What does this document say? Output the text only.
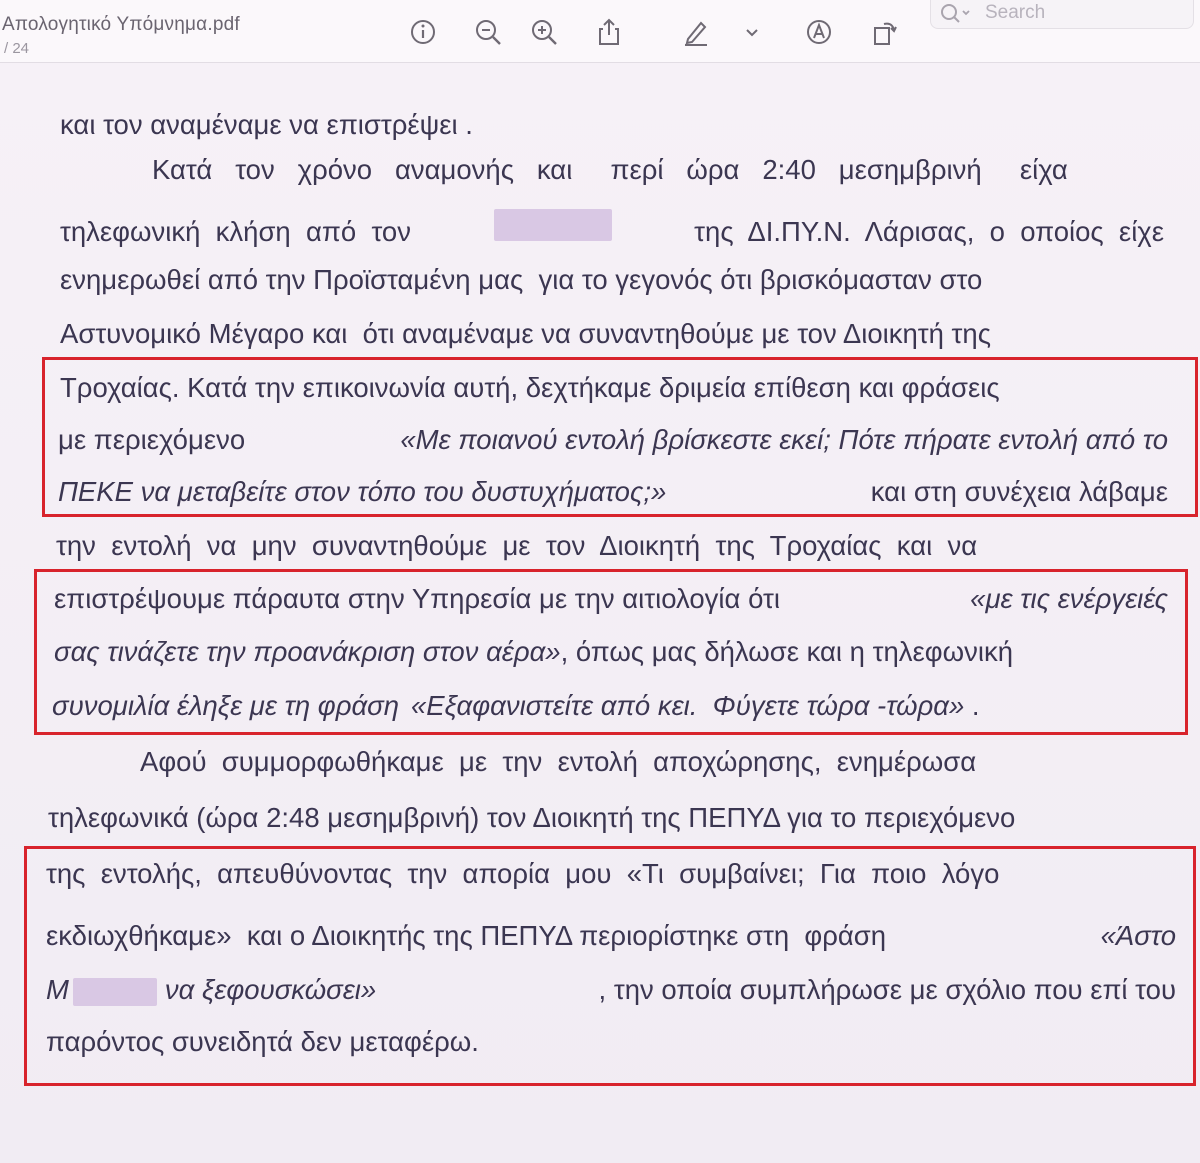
Απολογητικό Υπόμνημα.pdf
/ 24
Search
και τον αναμέναμε να επιστρέψει .
Κατά   τον   χρόνο   αναμονής   και     περί   ώρα   2:40   μεσημβρινή     είχα
τηλεφωνική  κλήση  από  τον	της  ΔΙ.ΠΥ.Ν.  Λάρισας,  ο  οποίος  είχε
ενημερωθεί από την Προϊσταμένη μας  για το γεγονός ότι βρισκόμασταν στο
Αστυνομικό Μέγαρο και  ότι αναμέναμε να συναντηθούμε με τον Διοικητή της
Τροχαίας. Κατά την επικοινωνία αυτή, δεχτήκαμε δριμεία επίθεση και φράσεις
με περιεχόμενο	«Με ποιανού εντολή βρίσκεστε εκεί; Πότε πήρατε εντολή από το
ΠΕΚΕ να μεταβείτε στον τόπο του δυστυχήματος;»	και στη συνέχεια λάβαμε
την  εντολή  να  μην  συναντηθούμε  με  τον  Διοικητή  της  Τροχαίας  και  να
επιστρέψουμε πάραυτα στην Υπηρεσία με την αιτιολογία ότι	«με τις ενέργειές
σας τινάζετε την προανάκριση στον αέρα» , όπως μας δήλωσε και η τηλεφωνική
συνομιλία έληξε με τη φράση «Εξαφανιστείτε από κει.  Φύγετε τώρα -τώρα» .
Αφού  συμμορφωθήκαμε  με  την  εντολή  αποχώρησης,  ενημέρωσα
τηλεφωνικά (ώρα 2:48 μεσημβρινή) τον Διοικητή της ΠΕΠΥΔ για το περιεχόμενο
της  εντολής,  απευθύνοντας  την  απορία  μου  «Τι  συμβαίνει;  Για  ποιο  λόγο
εκδιωχθήκαμε»  και ο Διοικητής της ΠΕΠΥΔ περιορίστηκε στη  φράση	«Άστο
Μ	να ξεφουσκώσει»	, την οποία συμπλήρωσε με σχόλιο που επί του
παρόντος συνειδητά δεν μεταφέρω.
